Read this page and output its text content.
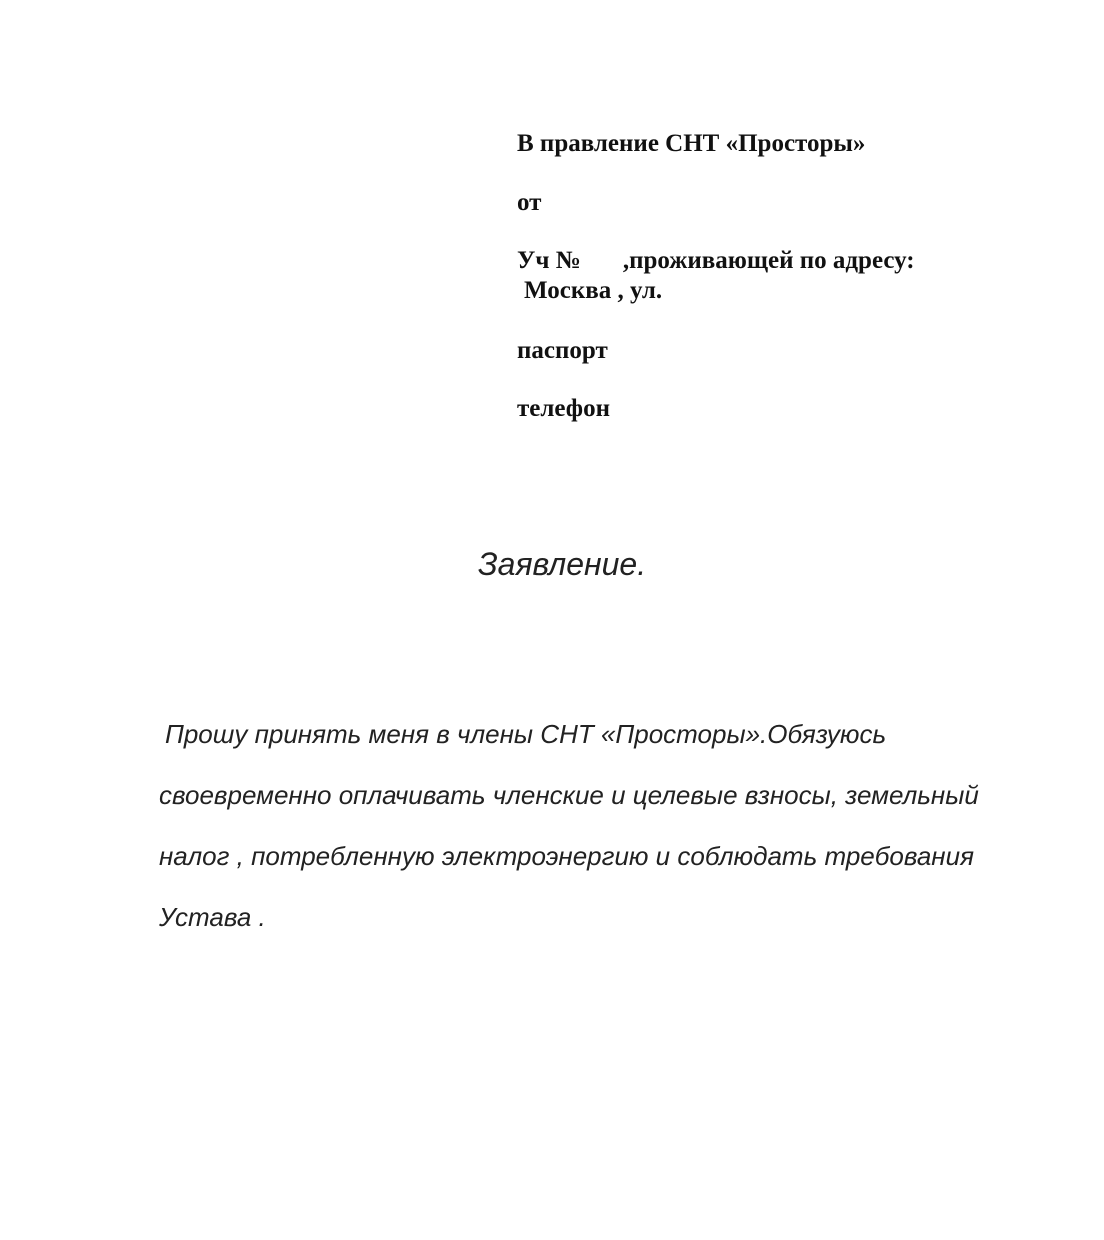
В правление СНТ «Просторы»
от
Уч № ,проживающей по адресу:
Москва , ул.
паспорт
телефон
Заявление.
Прошу принять меня в члены СНТ «Просторы».Обязуюсь
своевременно оплачивать членские и целевые взносы, земельный
налог , потребленную электроэнергию и соблюдать требования
Устава .
